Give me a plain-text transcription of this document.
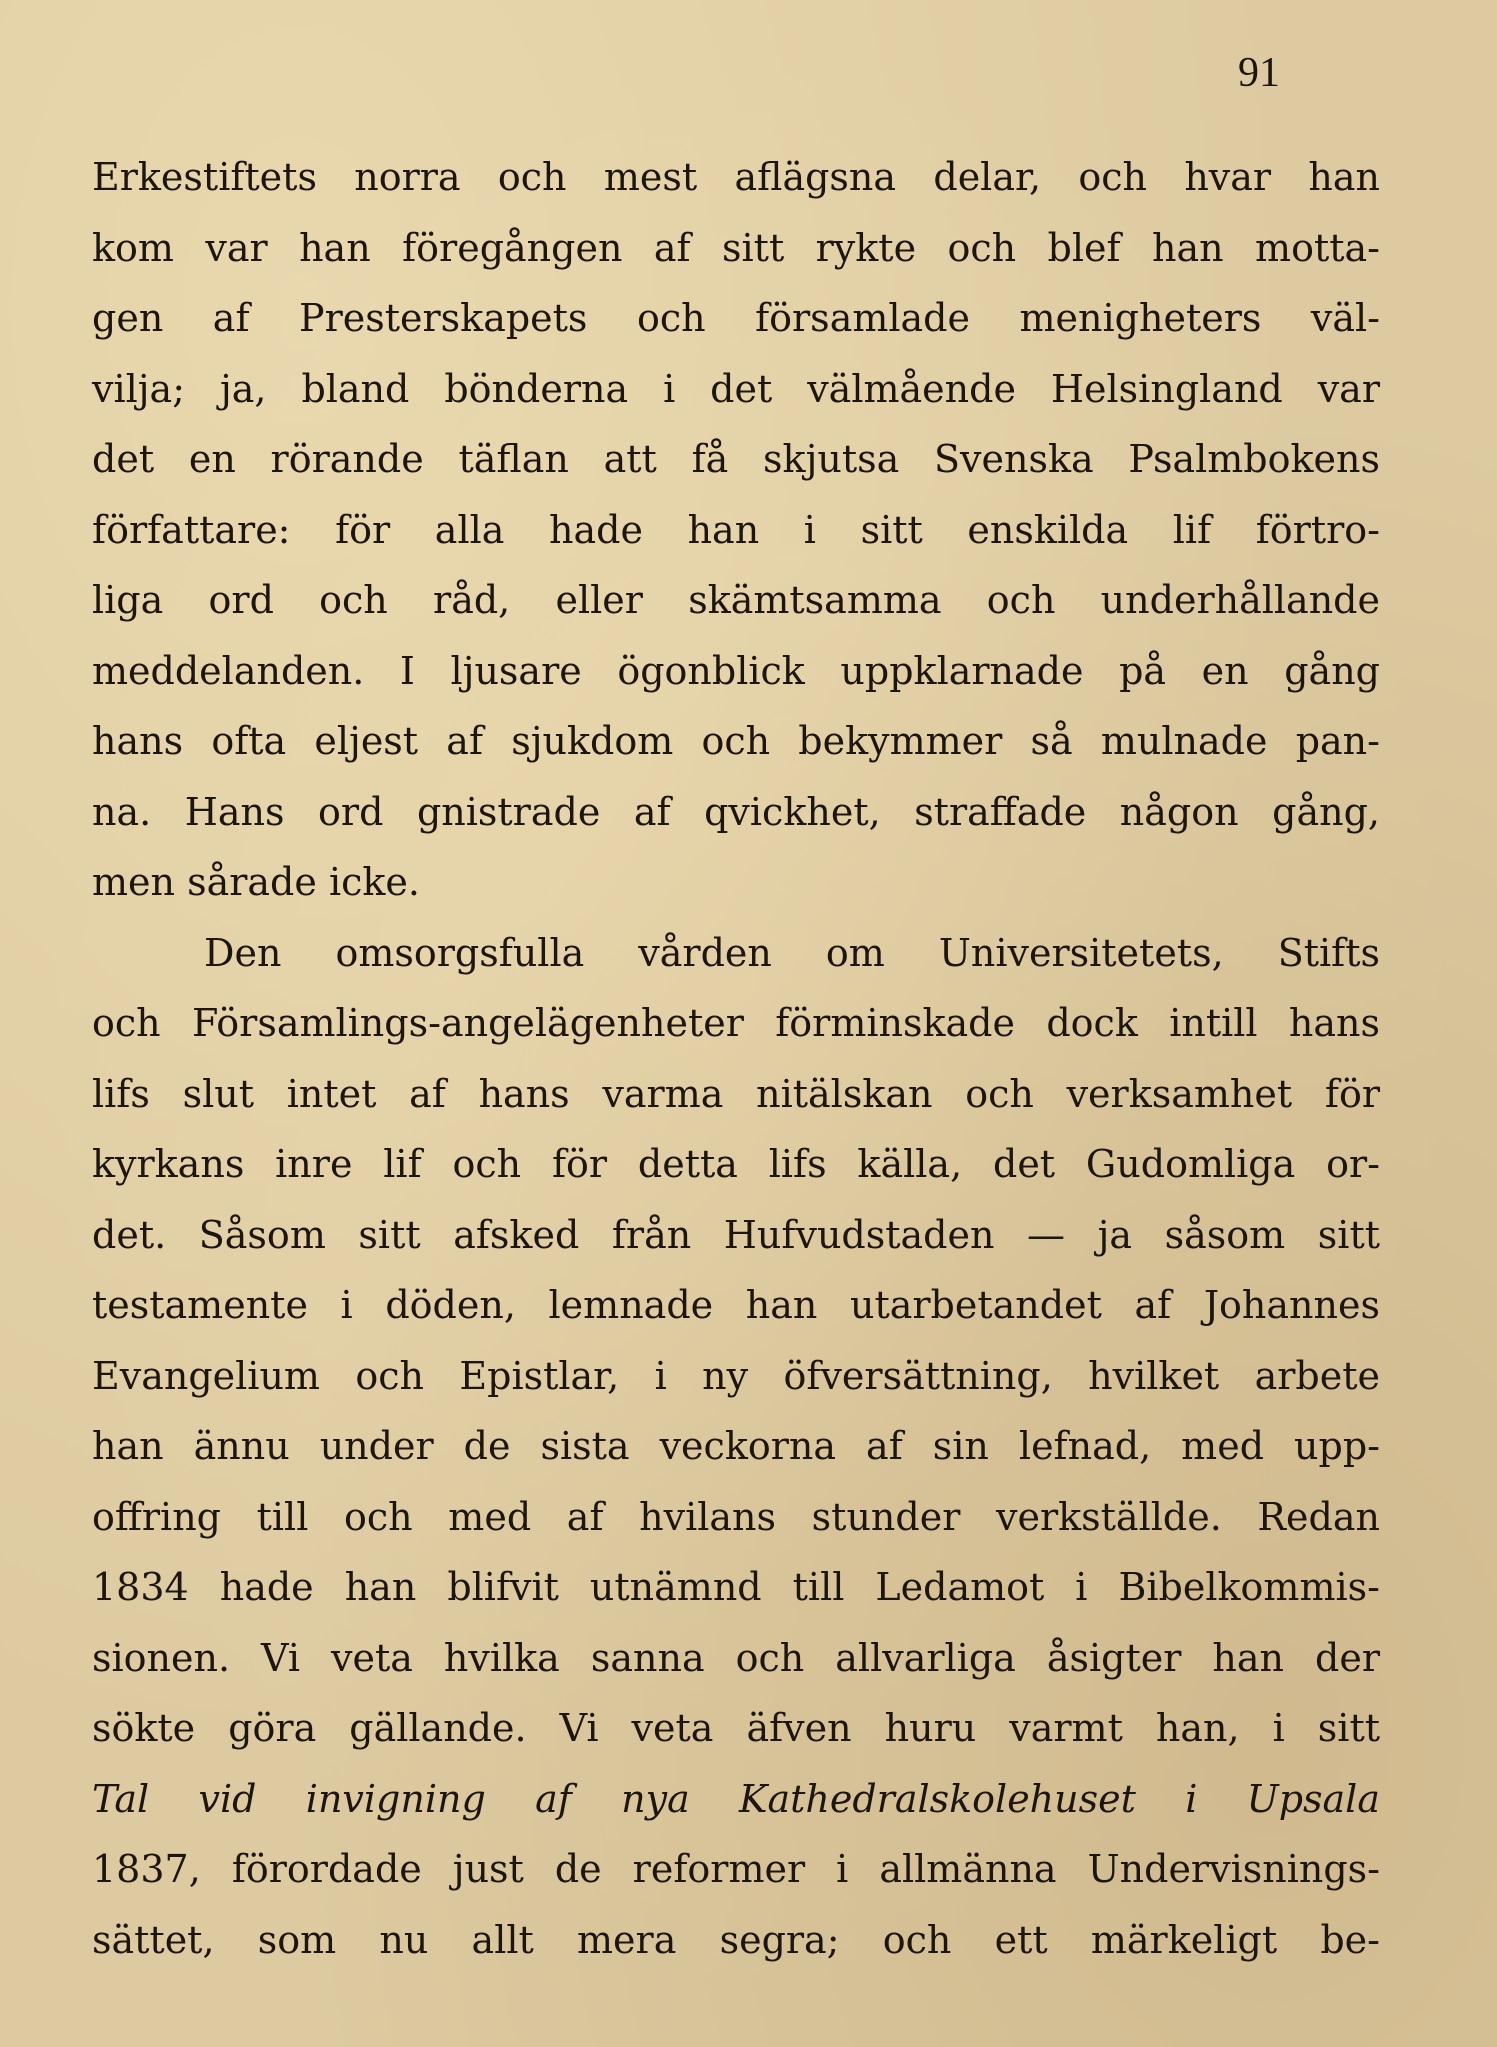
91
Erkestiftets norra och mest aflägsna delar, och hvar han
kom var han föregången af sitt rykte och blef han motta-
gen af Presterskapets och församlade menigheters väl-
vilja; ja, bland bönderna i det välmående Helsingland var
det en rörande täflan att få skjutsa Svenska Psalmbokens
författare: för alla hade han i sitt enskilda lif förtro-
liga ord och råd, eller skämtsamma och underhållande
meddelanden. I ljusare ögonblick uppklarnade på en gång
hans ofta eljest af sjukdom och bekymmer så mulnade pan-
na. Hans ord gnistrade af qvickhet, straffade någon gång,
men sårade icke.
Den omsorgsfulla vården om Universitetets, Stifts
och Församlings-angelägenheter förminskade dock intill hans
lifs slut intet af hans varma nitälskan och verksamhet för
kyrkans inre lif och för detta lifs källa, det Gudomliga or-
det. Såsom sitt afsked från Hufvudstaden — ja såsom sitt
testamente i döden, lemnade han utarbetandet af Johannes
Evangelium och Epistlar, i ny öfversättning, hvilket arbete
han ännu under de sista veckorna af sin lefnad, med upp-
offring till och med af hvilans stunder verkställde. Redan
1834 hade han blifvit utnämnd till Ledamot i Bibelkommis-
sionen. Vi veta hvilka sanna och allvarliga åsigter han der
sökte göra gällande. Vi veta äfven huru varmt han, i sitt
Tal vid invigning af nya Kathedralskolehuset i Upsala
1837, förordade just de reformer i allmänna Undervisnings-
sättet, som nu allt mera segra; och ett märkeligt be-
